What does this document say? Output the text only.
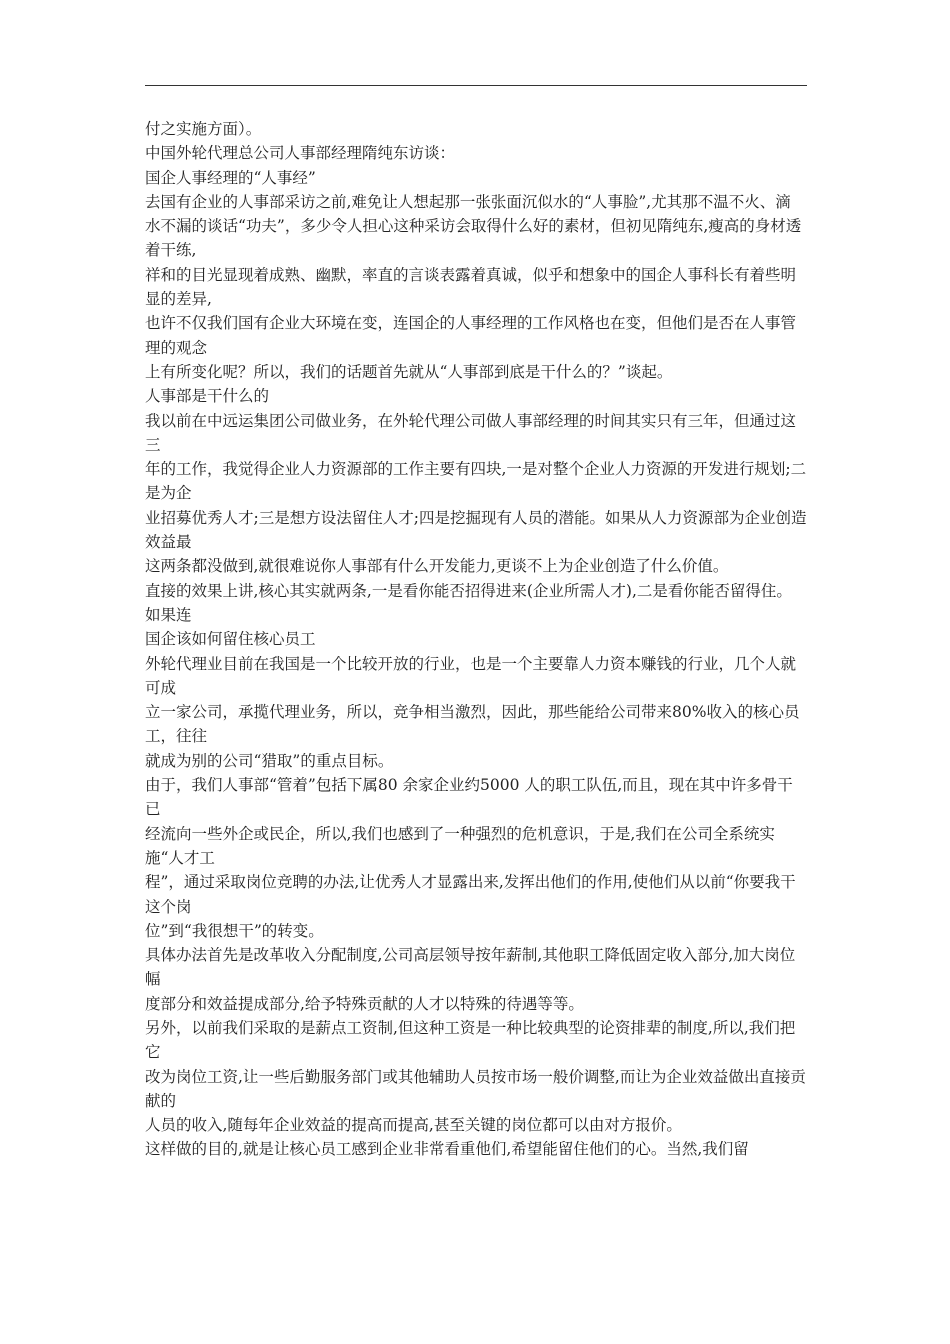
付之实施方面）。

中国外轮代理总公司人事部经理隋纯东访谈：

国企人事经理的“人事经”

去国有企业的人事部采访之前,难免让人想起那一张张面沉似水的“人事脸”,尤其那不温不火、滴

水不漏的谈话“功夫”，多少令人担心这种采访会取得什么好的素材，但初见隋纯东,瘦高的身材透着干练,

祥和的目光显现着成熟、幽默，率直的言谈表露着真诚，似乎和想象中的国企人事科长有着些明显的差异,

也许不仅我们国有企业大环境在变，连国企的人事经理的工作风格也在变，但他们是否在人事管理的观念

上有所变化呢？所以，我们的话题首先就从“人事部到底是干什么的？”谈起。

人事部是干什么的

我以前在中远运集团公司做业务，在外轮代理公司做人事部经理的时间其实只有三年，但通过这三

年的工作，我觉得企业人力资源部的工作主要有四块,一是对整个企业人力资源的开发进行规划;二是为企

业招募优秀人才;三是想方设法留住人才;四是挖掘现有人员的潜能。如果从人力资源部为企业创造效益最

这两条都没做到,就很难说你人事部有什么开发能力,更谈不上为企业创造了什么价值。

直接的效果上讲,核心其实就两条,一是看你能否招得进来(企业所需人才),二是看你能否留得住。如果连

国企该如何留住核心员工

外轮代理业目前在我国是一个比较开放的行业，也是一个主要靠人力资本赚钱的行业，几个人就可成

立一家公司，承揽代理业务，所以，竞争相当激烈，因此，那些能给公司带来80%收入的核心员工，往往

就成为别的公司“猎取”的重点目标。

由于，我们人事部“管着”包括下属80 余家企业约5000 人的职工队伍,而且，现在其中许多骨干已

经流向一些外企或民企，所以,我们也感到了一种强烈的危机意识，于是,我们在公司全系统实施“人才工

程”，通过采取岗位竞聘的办法,让优秀人才显露出来,发挥出他们的作用,使他们从以前“你要我干这个岗

位”到“我很想干”的转变。

具体办法首先是改革收入分配制度,公司高层领导按年薪制,其他职工降低固定收入部分,加大岗位幅

度部分和效益提成部分,给予特殊贡献的人才以特殊的待遇等等。

另外，以前我们采取的是薪点工资制,但这种工资是一种比较典型的论资排辈的制度,所以,我们把它

改为岗位工资,让一些后勤服务部门或其他辅助人员按市场一般价调整,而让为企业效益做出直接贡献的

人员的收入,随每年企业效益的提高而提高,甚至关键的岗位都可以由对方报价。

这样做的目的,就是让核心员工感到企业非常看重他们,希望能留住他们的心。当然,我们留
